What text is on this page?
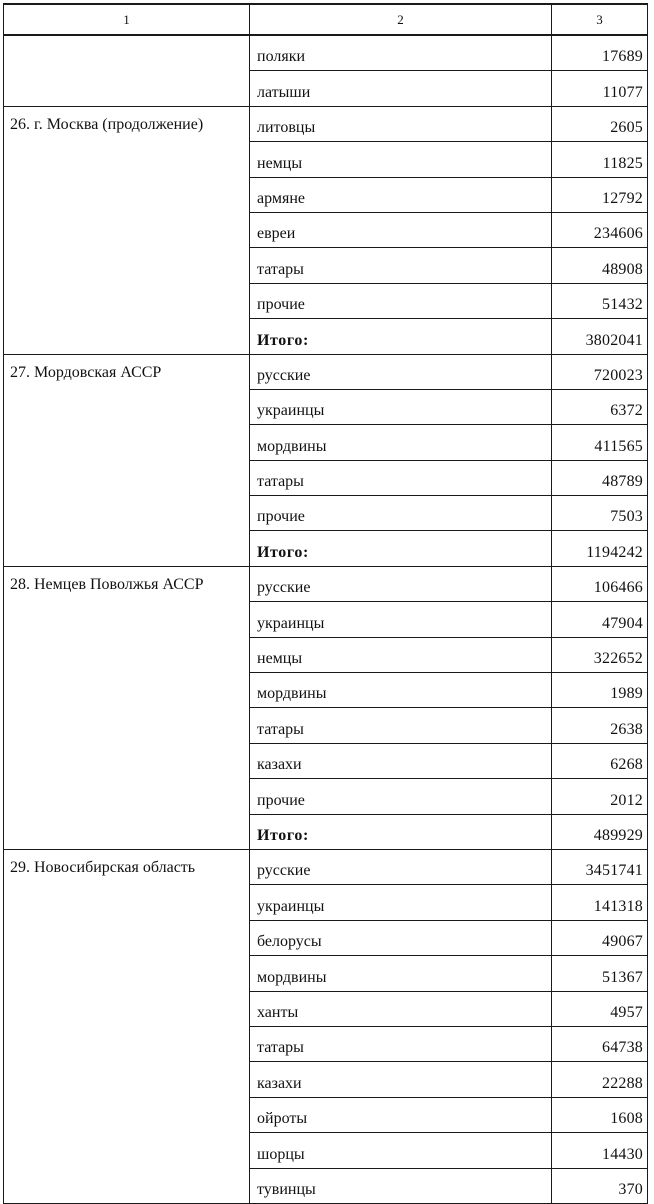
1	2	3
	поляки	17689
	латыши	11077
26. г. Москва (продолжение)	литовцы	2605
	немцы	11825
	армяне	12792
	евреи	234606
	татары	48908
	прочие	51432
	Итого:	3802041
27. Мордовская АССР	русские	720023
	украинцы	6372
	мордвины	411565
	татары	48789
	прочие	7503
	Итого:	1194242
28. Немцев Поволжья АССР	русские	106466
	украинцы	47904
	немцы	322652
	мордвины	1989
	татары	2638
	казахи	6268
	прочие	2012
	Итого:	489929
29. Новосибирская область	русские	3451741
	украинцы	141318
	белорусы	49067
	мордвины	51367
	ханты	4957
	татары	64738
	казахи	22288
	ойроты	1608
	шорцы	14430
	тувинцы	370
